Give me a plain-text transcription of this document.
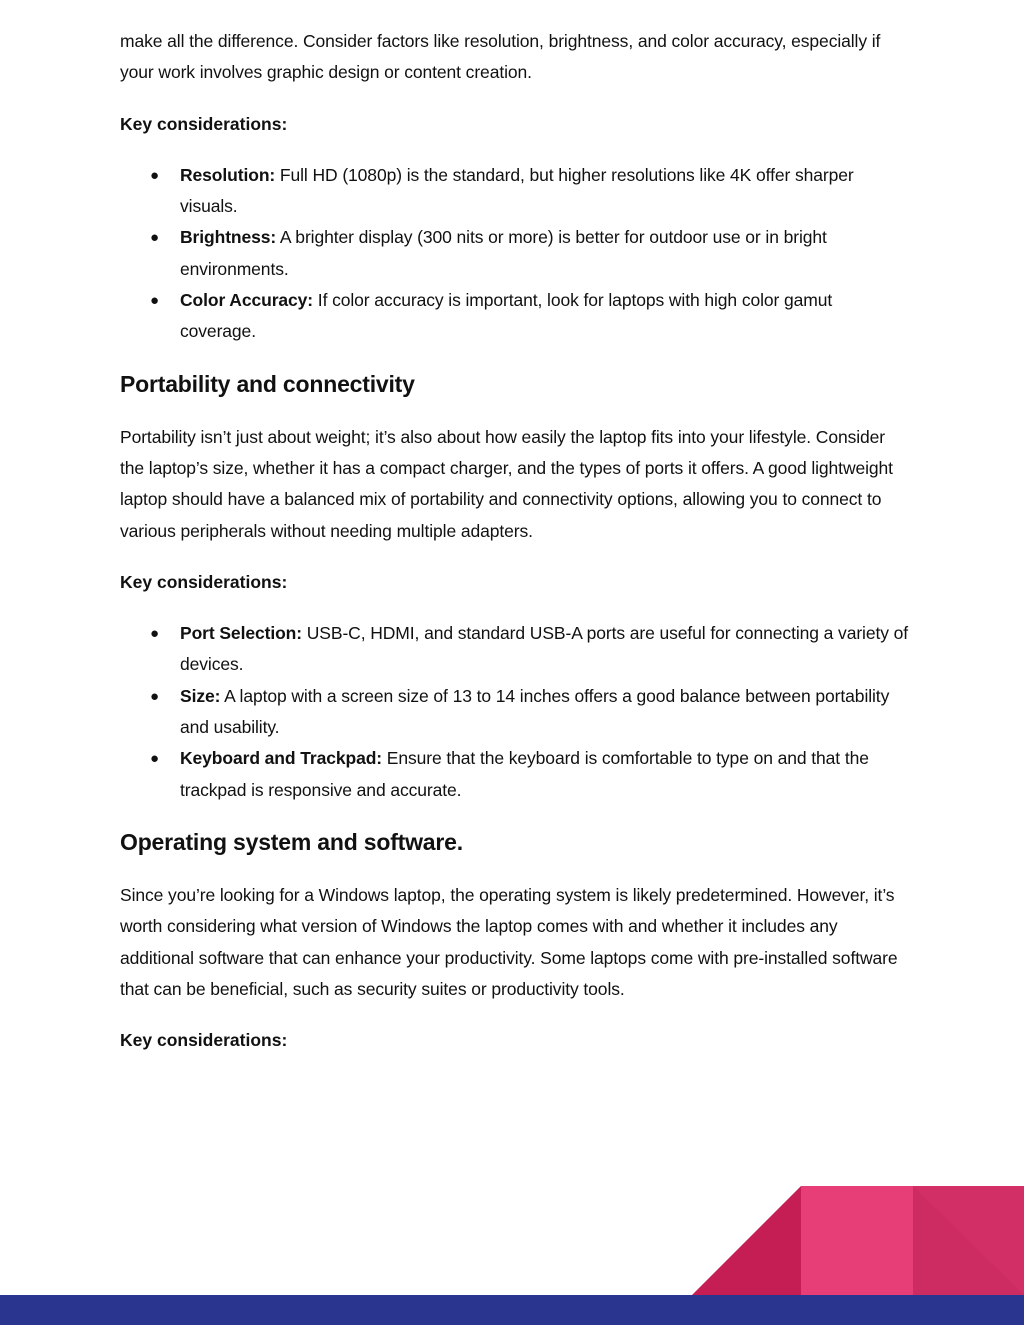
make all the difference. Consider factors like resolution, brightness, and color accuracy, especially if your work involves graphic design or content creation.

Key considerations:

● Resolution: Full HD (1080p) is the standard, but higher resolutions like 4K offer sharper visuals.
● Brightness: A brighter display (300 nits or more) is better for outdoor use or in bright environments.
● Color Accuracy: If color accuracy is important, look for laptops with high color gamut coverage.
Portability and connectivity

Portability isn’t just about weight; it’s also about how easily the laptop fits into your lifestyle. Consider the laptop’s size, whether it has a compact charger, and the types of ports it offers. A good lightweight laptop should have a balanced mix of portability and connectivity options, allowing you to connect to various peripherals without needing multiple adapters.

Key considerations:

● Port Selection: USB-C, HDMI, and standard USB-A ports are useful for connecting a variety of devices.
● Size: A laptop with a screen size of 13 to 14 inches offers a good balance between portability and usability.
● Keyboard and Trackpad: Ensure that the keyboard is comfortable to type on and that the trackpad is responsive and accurate.
Operating system and software.

Since you’re looking for a Windows laptop, the operating system is likely predetermined. However, it’s worth considering what version of Windows the laptop comes with and whether it includes any additional software that can enhance your productivity. Some laptops come with pre-installed software that can be beneficial, such as security suites or productivity tools.

Key considerations:
